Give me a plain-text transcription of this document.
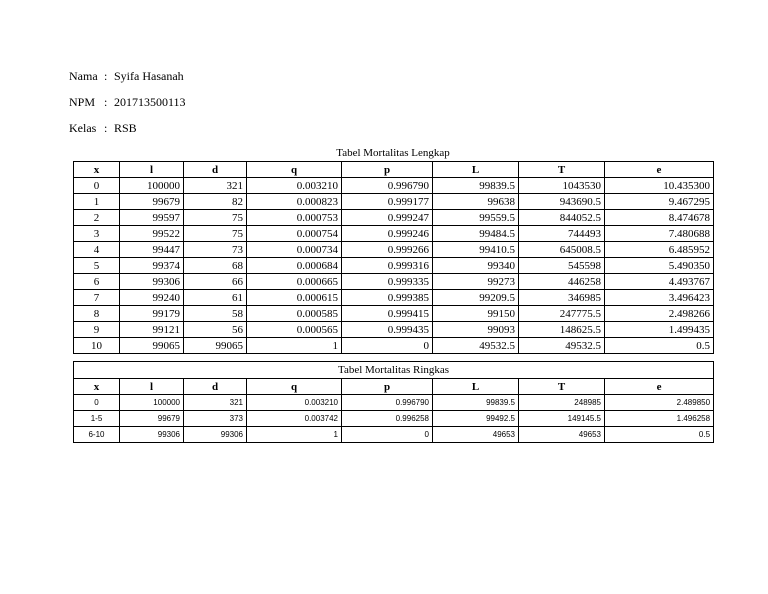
Nama : Syifa Hasanah
NPM : 201713500113
Kelas : RSB
Tabel Mortalitas Lengkap
x	l	d	q	p	L	T	e
0	100000	321	0.003210	0.996790	99839.5	1043530	10.435300
1	99679	82	0.000823	0.999177	99638	943690.5	9.467295
2	99597	75	0.000753	0.999247	99559.5	844052.5	8.474678
3	99522	75	0.000754	0.999246	99484.5	744493	7.480688
4	99447	73	0.000734	0.999266	99410.5	645008.5	6.485952
5	99374	68	0.000684	0.999316	99340	545598	5.490350
6	99306	66	0.000665	0.999335	99273	446258	4.493767
7	99240	61	0.000615	0.999385	99209.5	346985	3.496423
8	99179	58	0.000585	0.999415	99150	247775.5	2.498266
9	99121	56	0.000565	0.999435	99093	148625.5	1.499435
10	99065	99065	1	0	49532.5	49532.5	0.5
Tabel Mortalitas Ringkas							
x	l	d	q	p	L	T	e
0	100000	321	0.003210	0.996790	99839.5	248985	2.489850
1-5	99679	373	0.003742	0.996258	99492.5	149145.5	1.496258
6-10	99306	99306	1	0	49653	49653	0.5
